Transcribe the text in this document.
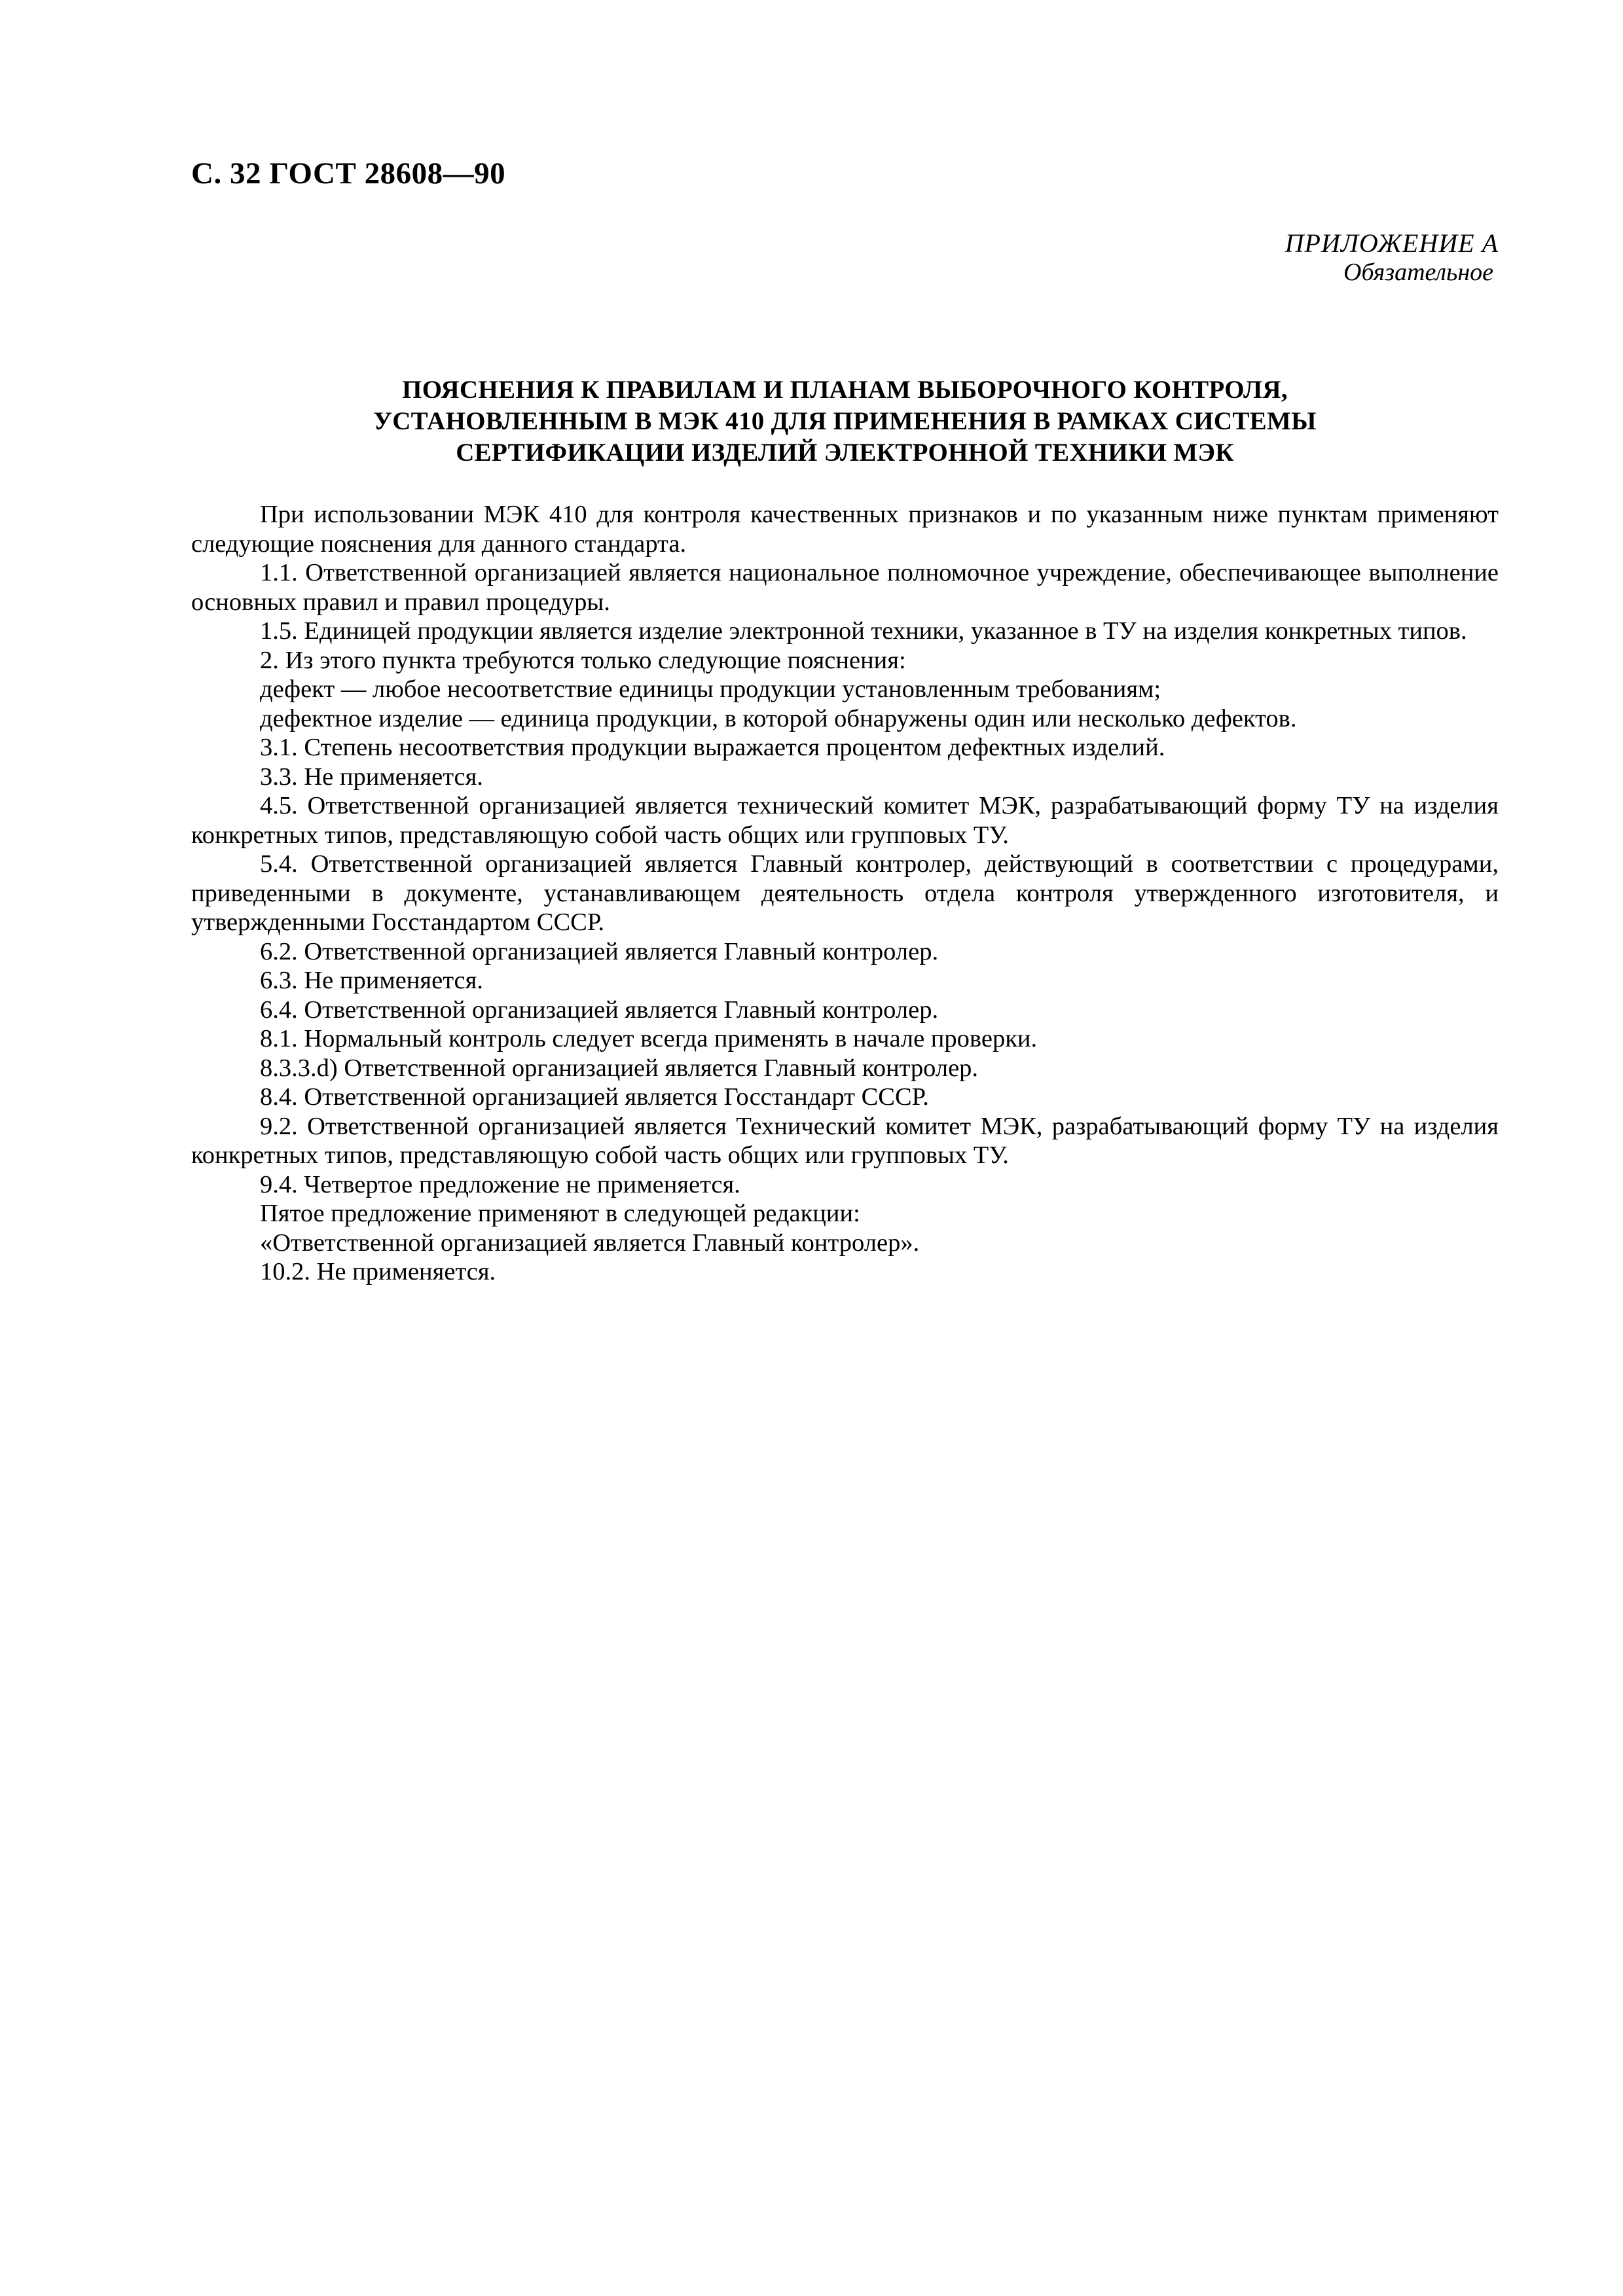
С. 32 ГОСТ 28608—90
ПРИЛОЖЕНИЕ А
Обязательное
ПОЯСНЕНИЯ К ПРАВИЛАМ И ПЛАНАМ ВЫБОРОЧНОГО КОНТРОЛЯ,
УСТАНОВЛЕННЫМ В МЭК 410 ДЛЯ ПРИМЕНЕНИЯ В РАМКАХ СИСТЕМЫ
СЕРТИФИКАЦИИ ИЗДЕЛИЙ ЭЛЕКТРОННОЙ ТЕХНИКИ МЭК

При использовании МЭК 410 для контроля качественных признаков и по указанным ниже пунктам применяют следующие пояснения для данного стандарта.

1.1. Ответственной организацией является национальное полномочное учреждение, обеспечивающее выполнение основных правил и правил процедуры.

1.5. Единицей продукции является изделие электронной техники, указанное в ТУ на изделия конкретных типов.

2. Из этого пункта требуются только следующие пояснения:

дефект — любое несоответствие единицы продукции установленным требованиям;

дефектное изделие — единица продукции, в которой обнаружены один или несколько дефектов.

3.1. Степень несоответствия продукции выражается процентом дефектных изделий.

3.3. Не применяется.

4.5. Ответственной организацией является технический комитет МЭК, разрабатывающий форму ТУ на изделия конкретных типов, представляющую собой часть общих или групповых ТУ.

5.4. Ответственной организацией является Главный контролер, действующий в соответствии с процедурами, приведенными в документе, устанавливающем деятельность отдела контроля утвержденного изготовителя, и утвержденными Госстандартом СССР.

6.2. Ответственной организацией является Главный контролер.

6.3. Не применяется.

6.4. Ответственной организацией является Главный контролер.

8.1. Нормальный контроль следует всегда применять в начале проверки.

8.3.3.d) Ответственной организацией является Главный контролер.

8.4. Ответственной организацией является Госстандарт СССР.

9.2. Ответственной организацией является Технический комитет МЭК, разрабатывающий форму ТУ на изделия конкретных типов, представляющую собой часть общих или групповых ТУ.

9.4. Четвертое предложение не применяется.

Пятое предложение применяют в следующей редакции:

«Ответственной организацией является Главный контролер».

10.2. Не применяется.
